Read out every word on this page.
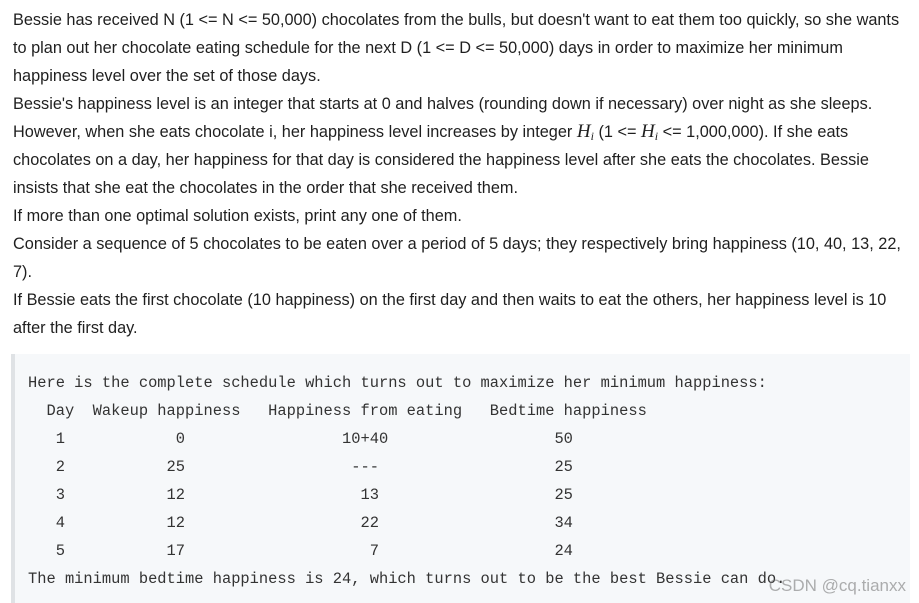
Bessie has received N (1 <= N <= 50,000) chocolates from the bulls, but doesn't want to eat them too quickly, so she wants to plan out her chocolate eating schedule for the next D (1 <= D <= 50,000) days in order to maximize her minimum happiness level over the set of those days.

Bessie's happiness level is an integer that starts at 0 and halves (rounding down if necessary) over night as she sleeps. However, when she eats chocolate i, her happiness level increases by integer $H_i$ $(1 <= H_i <= 1,000,000)$. If she eats chocolates on a day, her happiness for that day is considered the happiness level after she eats the chocolates. Bessie insists that she eat the chocolates in the order that she received them.

If more than one optimal solution exists, print any one of them.

Consider a sequence of 5 chocolates to be eaten over a period of 5 days; they respectively bring happiness (10, 40, 13, 22, 7).

If Bessie eats the first chocolate (10 happiness) on the first day and then waits to eat the others, her happiness level is 10 after the first day.

Here is the complete schedule which turns out to maximize her minimum happiness:
Day  Wakeup happiness   Happiness from eating   Bedtime happiness
1            0                 10+40                  50
2           25                  ---                   25
3           12                   13                   25
4           12                   22                   34
5           17                    7                   24
The minimum bedtime happiness is 24, which turns out to be the best Bessie can do.
CSDN @cq.tianxx
